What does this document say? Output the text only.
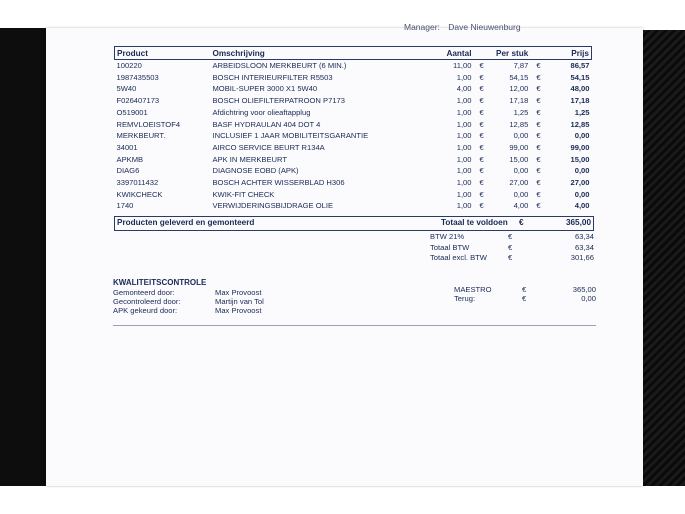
Manager: Dave Nieuwenburg
Product	Omschrijving	Aantal		Per stuk		Prijs
100220	ARBEIDSLOON MERKBEURT (6 MIN.)	11,00	€	7,87	€	86,57
1987435503	BOSCH INTERIEURFILTER R5503	1,00	€	54,15	€	54,15
5W40	MOBIL-SUPER 3000 X1 5W40	4,00	€	12,00	€	48,00
F026407173	BOSCH OLIEFILTERPATROON P7173	1,00	€	17,18	€	17,18
O519001	Afdichtring voor olieaftapplug	1,00	€	1,25	€	1,25
REMVLOEISTOF4	BASF HYDRAULAN 404 DOT 4	1,00	€	12,85	€	12,85
MERKBEURT.	INCLUSIEF 1 JAAR MOBILITEITSGARANTIE	1,00	€	0,00	€	0,00
34001	AIRCO SERVICE BEURT R134A	1,00	€	99,00	€	99,00
APKMB	APK IN MERKBEURT	1,00	€	15,00	€	15,00
DIAG6	DIAGNOSE EOBD (APK)	1,00	€	0,00	€	0,00
3397011432	BOSCH ACHTER WISSERBLAD H306	1,00	€	27,00	€	27,00
KWIKCHECK	KWIK-FIT CHECK	1,00	€	0,00	€	0,00
1740	VERWIJDERINGSBIJDRAGE OLIE	1,00	€	4,00	€	4,00
Producten geleverd en gemonteerd	Totaal te voldoen €	365,00
BTW 21%	€	63,34
Totaal BTW	€	63,34
Totaal excl. BTW	€	301,66
KWALITEITSCONTROLE
Gemonteerd door:	Max Provoost
Gecontroleerd door:	Martijn van Tol
APK gekeurd door:	Max Provoost
MAESTRO	€	365,00
Terug:	€	0,00
